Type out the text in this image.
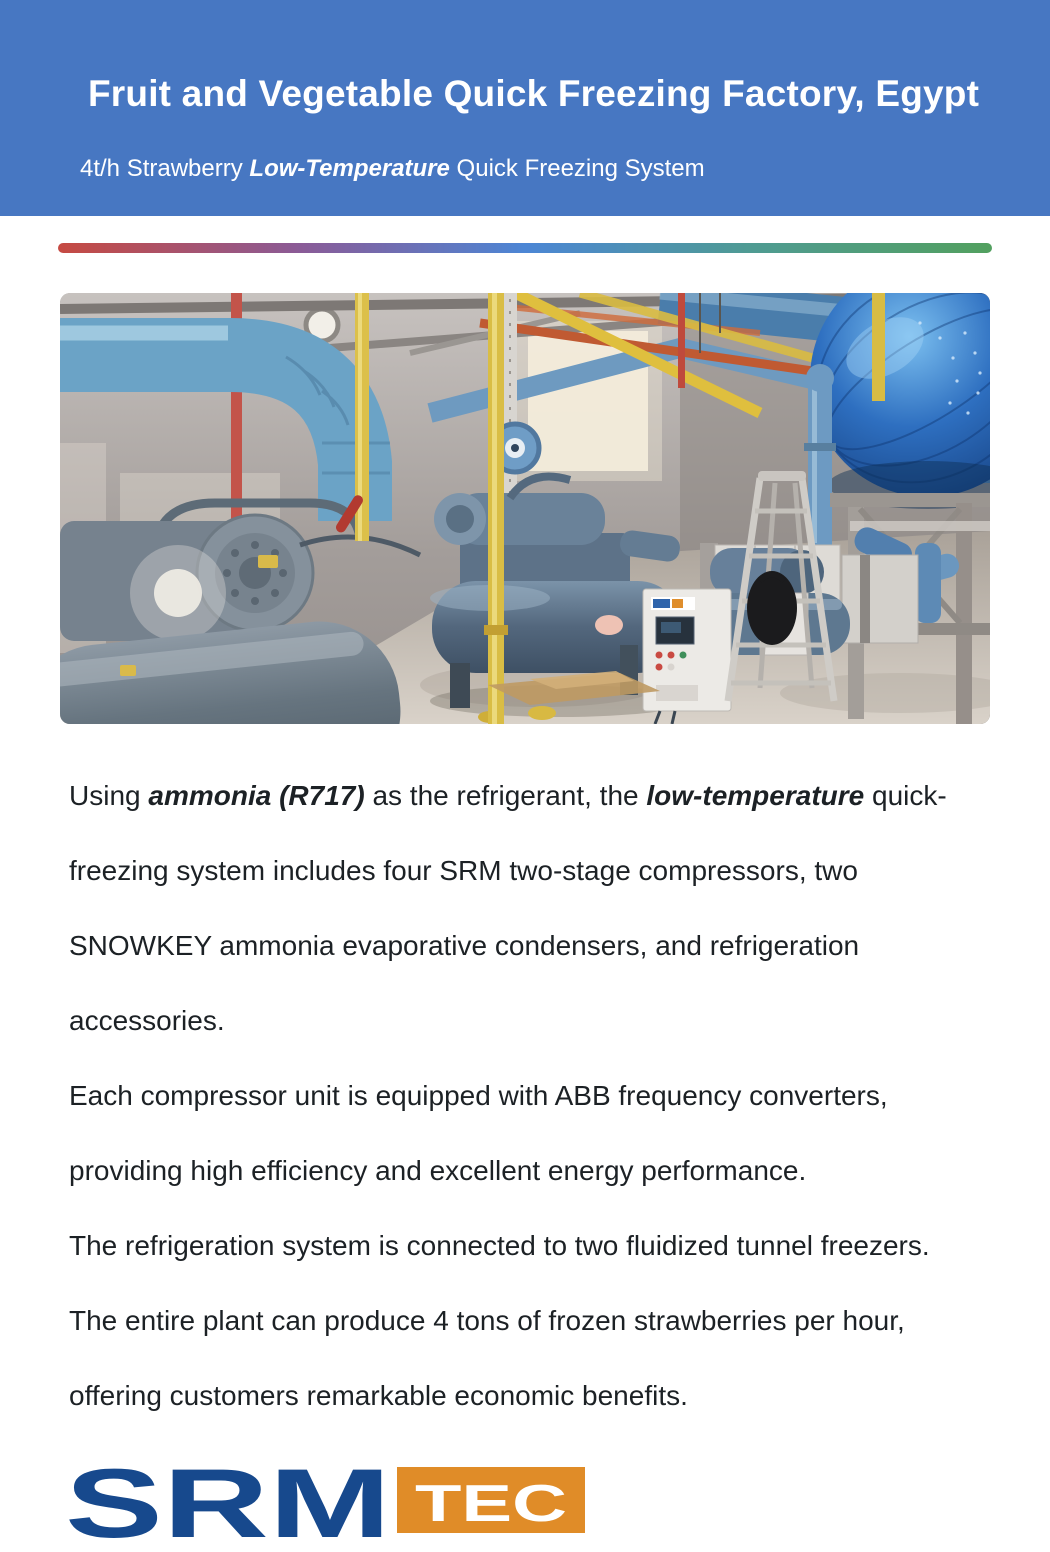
Fruit and Vegetable Quick Freezing Factory, Egypt
4t/h Strawberry Low-Temperature Quick Freezing System

Using ammonia (R717) as the refrigerant, the low-temperature quick-freezing system includes four SRM two-stage compressors, two SNOWKEY ammonia evaporative condensers, and refrigeration accessories.

Each compressor unit is equipped with ABB frequency converters, providing high efficiency and excellent energy performance.

The refrigeration system is connected to two fluidized tunnel freezers.

The entire plant can produce 4 tons of frozen strawberries per hour, offering customers remarkable economic benefits.

SRM TEC
